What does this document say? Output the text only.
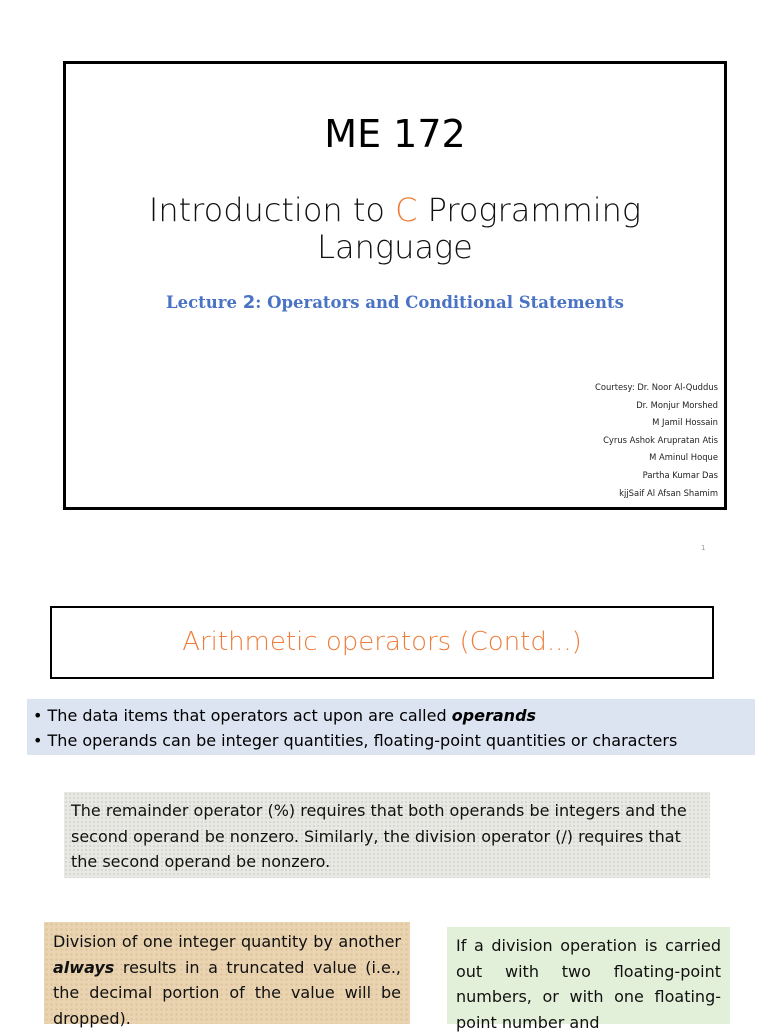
ME 172
Introduction to C Programming Language
Lecture 2: Operators and Conditional Statements
Courtesy: Dr. Noor Al-Quddus
Dr. Monjur Morshed
M Jamil Hossain
Cyrus Ashok Arupratan Atis
M Aminul Hoque
Partha Kumar Das
kjjSaif Al Afsan Shamim
1
Arithmetic operators (Contd...)
• The data items that operators act upon are called operands
• The operands can be integer quantities, floating-point quantities or characters
The remainder operator (%) requires that both operands be integers and the second operand be nonzero. Similarly, the division operator (/) requires that the second operand be nonzero.
Division of one integer quantity by another always results in a truncated value (i.e., the decimal portion of the value will be dropped).
If a division operation is carried out with two floating-point numbers, or with one floating-point number and
